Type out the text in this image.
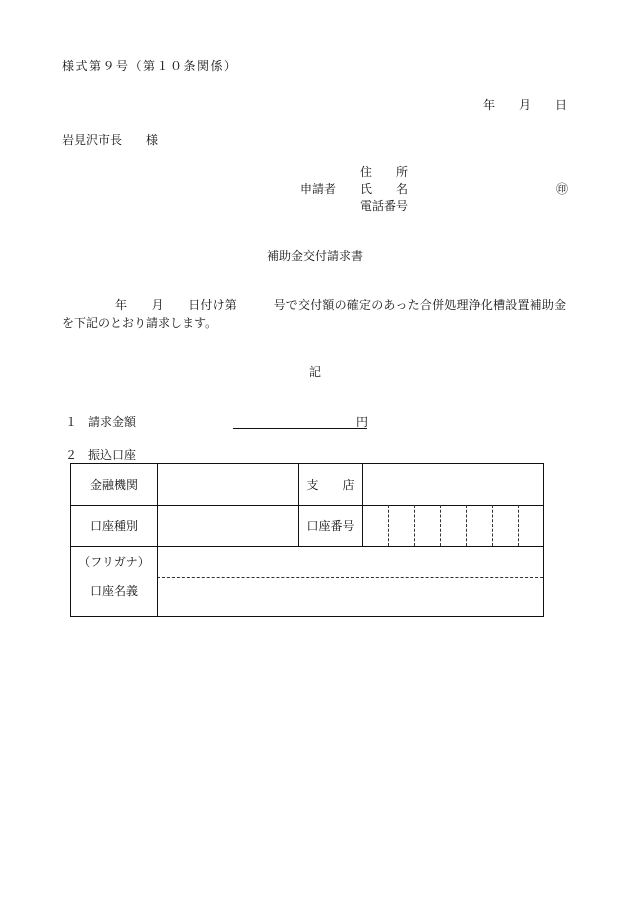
様式第９号（第１０条関係）
年　　月　　日
岩見沢市長　　様
住　　所
申請者 氏　　名	㊞
電話番号
補助金交付請求書
年　　月　　日付け第　　　号で交付額の確定のあった合併処理浄化槽設置補助金
を下記のとおり請求します。
記
１ 請求金額	円
２ 振込口座
金融機関	支　　店
口座種別	口座番号
（フリガナ）
口座名義
